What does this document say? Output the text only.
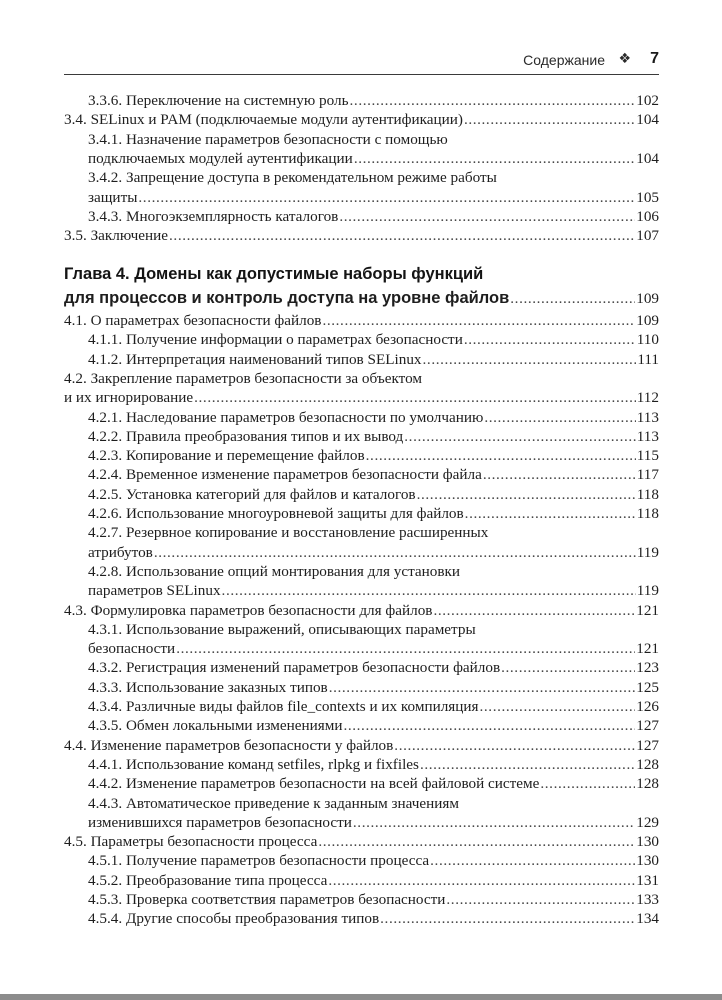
Содержание ❖ 7
3.3.6. Переключение на системную роль . . .	102
3.4. SELinux и PAM (подключаемые модули аутентификации) . . .	104
3.4.1. Назначение параметров безопасности с помощью
подключаемых модулей аутентификации . . .	104
3.4.2. Запрещение доступа в рекомендательном режиме работы
защиты . . .	105
3.4.3. Многоэкземплярность каталогов . . .	106
3.5. Заключение . . .	107
Глава 4. Домены как допустимые наборы функций
для процессов и контроль доступа на уровне файлов . . .	109
4.1. О параметрах безопасности файлов . . .	109
4.1.1. Получение информации о параметрах безопасности . . .	110
4.1.2. Интерпретация наименований типов SELinux . . .	111
4.2. Закрепление параметров безопасности за объектом
и их игнорирование . . .	112
4.2.1. Наследование параметров безопасности по умолчанию . . .	113
4.2.2. Правила преобразования типов и их вывод . . .	113
4.2.3. Копирование и перемещение файлов . . .	115
4.2.4. Временное изменение параметров безопасности файла . . .	117
4.2.5. Установка категорий для файлов и каталогов . . .	118
4.2.6. Использование многоуровневой защиты для файлов . . .	118
4.2.7. Резервное копирование и восстановление расширенных
атрибутов . . .	119
4.2.8. Использование опций монтирования для установки
параметров SELinux . . .	119
4.3. Формулировка параметров безопасности для файлов . . .	121
4.3.1. Использование выражений, описывающих параметры
безопасности . . .	121
4.3.2. Регистрация изменений параметров безопасности файлов . . .	123
4.3.3. Использование заказных типов . . .	125
4.3.4. Различные виды файлов file_contexts и их компиляция . . .	126
4.3.5. Обмен локальными изменениями . . .	127
4.4. Изменение параметров безопасности у файлов . . .	127
4.4.1. Использование команд setfiles, rlpkg и fixfiles . . .	128
4.4.2. Изменение параметров безопасности на всей файловой системе . . .	128
4.4.3. Автоматическое приведение к заданным значениям
изменившихся параметров безопасности . . .	129
4.5. Параметры безопасности процесса . . .	130
4.5.1. Получение параметров безопасности процесса . . .	130
4.5.2. Преобразование типа процесса . . .	131
4.5.3. Проверка соответствия параметров безопасности . . .	133
4.5.4. Другие способы преобразования типов . . .	134
